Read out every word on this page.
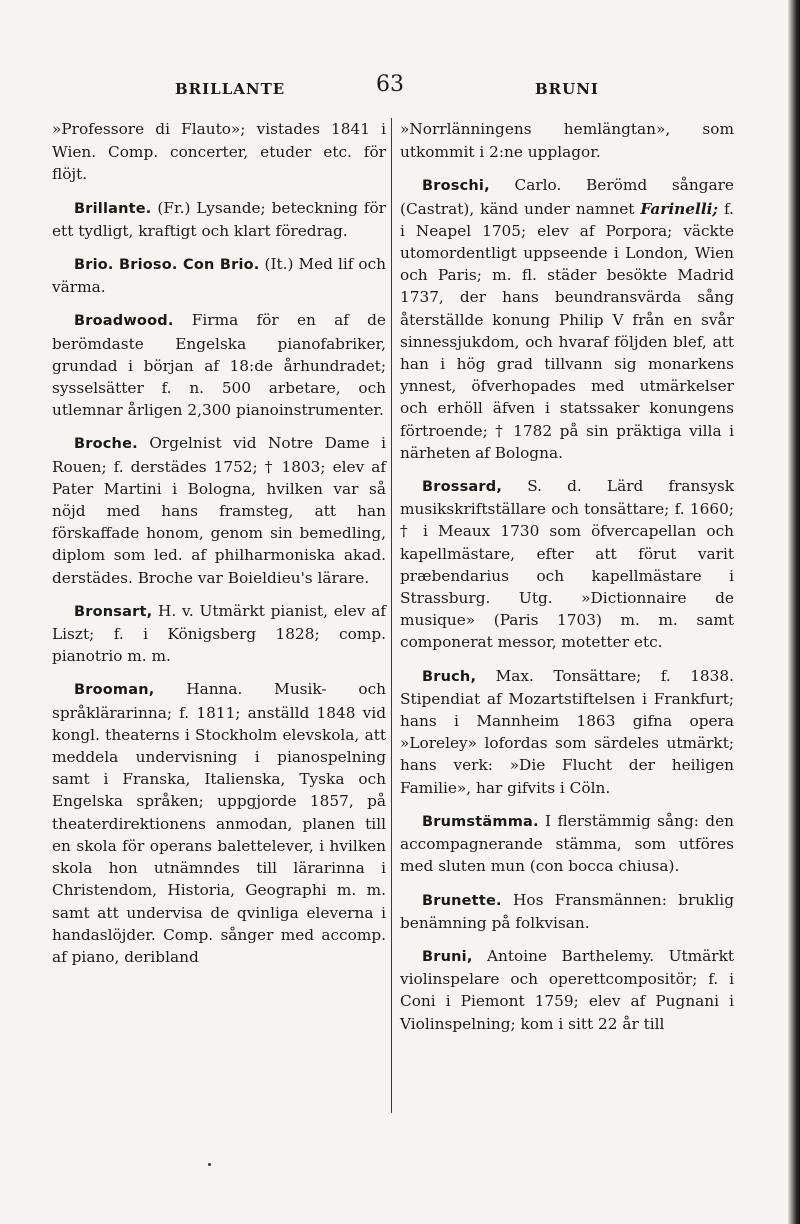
BRILLANTE	63	BRUNI

»Professore di Flauto»; vistades 1841 i Wien. Comp. concerter, etuder etc. för flöjt.

Brillante. (Fr.) Lysande; beteckning för ett tydligt, kraftigt och klart föredrag.

Brio. Brioso. Con Brio. (It.) Med lif och värma.

Broadwood. Firma för en af de berömdaste Engelska pianofabriker, grundad i början af 18:de århundradet; sysselsätter f. n. 500 arbetare, och utlemnar årligen 2,300 pianoinstrumenter.

Broche. Orgelnist vid Notre Dame i Rouen; f. derstädes 1752; † 1803; elev af Pater Martini i Bologna, hvilken var så nöjd med hans framsteg, att han förskaffade honom, genom sin bemedling, diplom som led. af philharmoniska akad. derstädes. Broche var Boieldieu's lärare.

Bronsart, H. v. Utmärkt pianist, elev af Liszt; f. i Königsberg 1828; comp. pianotrio m. m.

Brooman, Hanna. Musik- och språklärarinna; f. 1811; anställd 1848 vid kongl. theaterns i Stockholm elevskola, att meddela undervisning i pianospelning samt i Franska, Italienska, Tyska och Engelska språken; uppgjorde 1857, på theaterdirektionens anmodan, planen till en skola för operans balettelever, i hvilken skola hon utnämndes till lärarinna i Christendom, Historia, Geographi m. m. samt att undervisa de qvinliga eleverna i handaslöjder. Comp. sånger med accomp. af piano, deribland

»Norrlänningens hemlängtan», som utkommit i 2:ne upplagor.

Broschi, Carlo. Berömd sångare (Castrat), känd under namnet Farinelli; f. i Neapel 1705; elev af Porpora; väckte utomordentligt uppseende i London, Wien och Paris; m. fl. städer besökte Madrid 1737, der hans beundransvärda sång återställde konung Philip V från en svår sinnessjukdom, och hvaraf följden blef, att han i hög grad tillvann sig monarkens ynnest, öfverhopades med utmärkelser och erhöll äfven i statssaker konungens förtroende; † 1782 på sin präktiga villa i närheten af Bologna.

Brossard, S. d. Lärd fransysk musikskriftställare och tonsättare; f. 1660; † i Meaux 1730 som öfvercapellan och kapellmästare, efter att förut varit præbendarius och kapellmästare i Strassburg. Utg. »Dictionnaire de musique» (Paris 1703) m. m. samt componerat messor, motetter etc.

Bruch, Max. Tonsättare; f. 1838. Stipendiat af Mozartstiftelsen i Frankfurt; hans i Mannheim 1863 gifna opera »Loreley» lofordas som särdeles utmärkt; hans verk: »Die Flucht der heiligen Familie», har gifvits i Cöln.

Brumstämma. I flerstämmig sång: den accompagnerande stämma, som utföres med sluten mun (con bocca chiusa).

Brunette. Hos Fransmännen: bruklig benämning på folkvisan.

Bruni, Antoine Barthelemy. Utmärkt violinspelare och operettcompositör; f. i Coni i Piemont 1759; elev af Pugnani i Violinspelning; kom i sitt 22 år till
